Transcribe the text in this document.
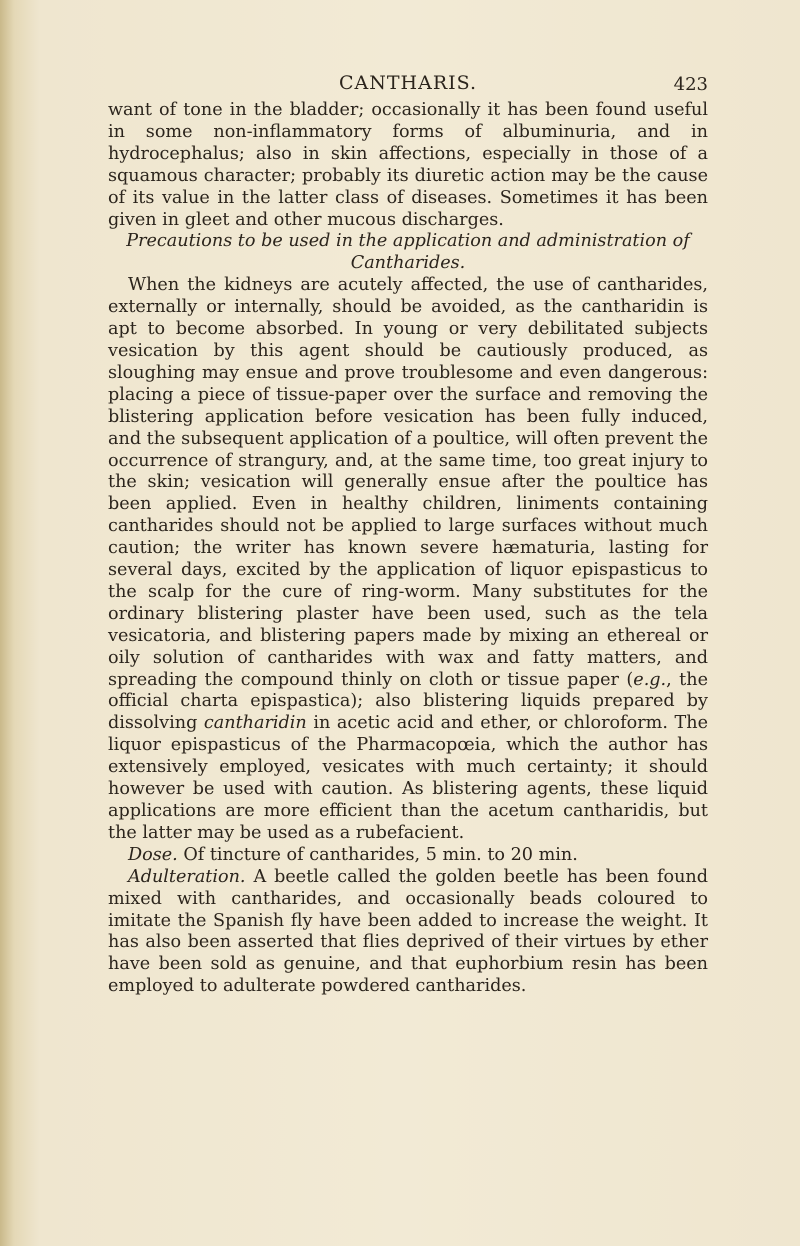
CANTHARIS.	423

want of tone in the bladder; occasionally it has been found useful in some non-inflammatory forms of albuminuria, and in hydrocephalus; also in skin affections, especially in those of a squamous character; probably its diuretic action may be the cause of its value in the latter class of diseases. Sometimes it has been given in gleet and other mucous discharges.

Precautions to be used in the application and administration of Cantharides.

When the kidneys are acutely affected, the use of cantharides, externally or internally, should be avoided, as the cantharidin is apt to become absorbed. In young or very debilitated subjects vesication by this agent should be cautiously produced, as sloughing may ensue and prove troublesome and even dangerous: placing a piece of tissue-paper over the surface and removing the blistering application before vesication has been fully induced, and the subsequent application of a poultice, will often prevent the occurrence of strangury, and, at the same time, too great injury to the skin; vesication will generally ensue after the poultice has been applied. Even in healthy children, liniments containing cantharides should not be applied to large surfaces without much caution; the writer has known severe hæmaturia, lasting for several days, excited by the application of liquor epispasticus to the scalp for the cure of ring-worm. Many substitutes for the ordinary blistering plaster have been used, such as the tela vesicatoria, and blistering papers made by mixing an ethereal or oily solution of cantharides with wax and fatty matters, and spreading the compound thinly on cloth or tissue paper (e.g., the official charta epispastica); also blistering liquids prepared by dissolving cantharidin in acetic acid and ether, or chloroform. The liquor epispasticus of the Pharmacopœia, which the author has extensively employed, vesicates with much certainty; it should however be used with caution. As blistering agents, these liquid applications are more efficient than the acetum cantharidis, but the latter may be used as a rubefacient.

Dose. Of tincture of cantharides, 5 min. to 20 min.

Adulteration. A beetle called the golden beetle has been found mixed with cantharides, and occasionally beads coloured to imitate the Spanish fly have been added to increase the weight. It has also been asserted that flies deprived of their virtues by ether have been sold as genuine, and that euphorbium resin has been employed to adulterate powdered cantharides.
